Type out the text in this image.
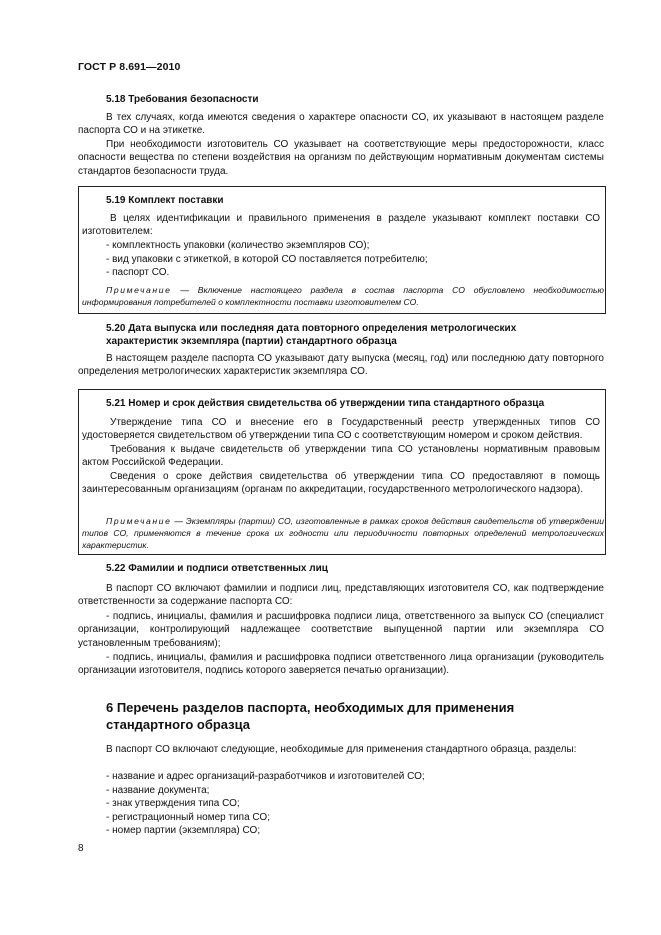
ГОСТ Р 8.691—2010
5.18 Требования безопасности

В тех случаях, когда имеются сведения о характере опасности СО, их указывают в настоящем разделе паспорта СО и на этикетке.

При необходимости изготовитель СО указывает на соответствующие меры предосторожности, класс опасности вещества по степени воздействия на организм по действующим нормативным документам системы стандартов безопасности труда.

5.19 Комплект поставки

В целях идентификации и правильного применения в разделе указывают комплект поставки СО изготовителем:

- комплектность упаковки (количество экземпляров СО);
- вид упаковки с этикеткой, в которой СО поставляется потребителю;
- паспорт СО.

Примечание — Включение настоящего раздела в состав паспорта СО обусловлено необходимостью информирования потребителей о комплектности поставки изготовителем СО.

5.20 Дата выпуска или последняя дата повторного определения метрологических характеристик экземпляра (партии) стандартного образца

В настоящем разделе паспорта СО указывают дату выпуска (месяц, год) или последнюю дату повторного определения метрологических характеристик экземпляра СО.

5.21 Номер и срок действия свидетельства об утверждении типа стандартного образца

Утверждение типа СО и внесение его в Государственный реестр утвержденных типов СО удостоверяется свидетельством об утверждении типа СО с соответствующим номером и сроком действия.

Требования к выдаче свидетельств об утверждении типа СО установлены нормативным правовым актом Российской Федерации.

Сведения о сроке действия свидетельства об утверждении типа СО предоставляют в помощь заинтересованным организациям (органам по аккредитации, государственного метрологического надзора).

Примечание — Экземпляры (партии) СО, изготовленные в рамках сроков действия свидетельств об утверждении типов СО, применяются в течение срока их годности или периодичности повторных определений метрологических характеристик.

5.22 Фамилии и подписи ответственных лиц

В паспорт СО включают фамилии и подписи лиц, представляющих изготовителя СО, как подтверждение ответственности за содержание паспорта СО:

- подпись, инициалы, фамилия и расшифровка подписи лица, ответственного за выпуск СО (специалист организации, контролирующий надлежащее соответствие выпущенной партии или экземпляра СО установленным требованиям);

- подпись, инициалы, фамилия и расшифровка подписи ответственного лица организации (руководитель организации изготовителя, подпись которого заверяется печатью организации).

6 Перечень разделов паспорта, необходимых для применения стандартного образца

В паспорт СО включают следующие, необходимые для применения стандартного образца, разделы:

- название и адрес организаций-разработчиков и изготовителей СО;
- название документа;
- знак утверждения типа СО;
- регистрационный номер типа СО;
- номер партии (экземпляра) СО;
8
